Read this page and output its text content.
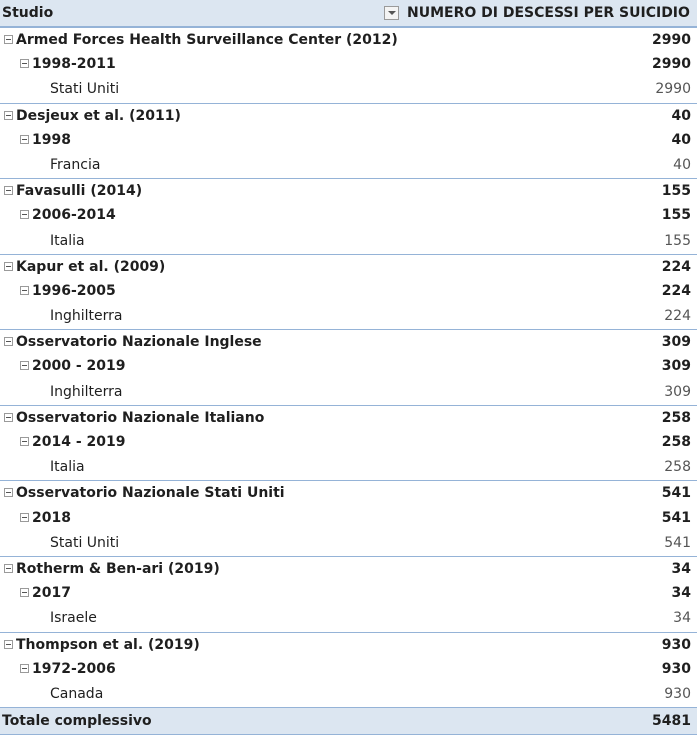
Studio	NUMERO DI DESCESSI PER SUICIDIO
Armed Forces Health Surveillance Center (2012)	2990
1998-2011	2990
Stati Uniti	2990
Desjeux et al. (2011)	40
1998	40
Francia	40
Favasulli (2014)	155
2006-2014	155
Italia	155
Kapur et al. (2009)	224
1996-2005	224
Inghilterra	224
Osservatorio Nazionale Inglese	309
2000 - 2019	309
Inghilterra	309
Osservatorio Nazionale Italiano	258
2014 - 2019	258
Italia	258
Osservatorio Nazionale Stati Uniti	541
2018	541
Stati Uniti	541
Rotherm & Ben-ari (2019)	34
2017	34
Israele	34
Thompson et al. (2019)	930
1972-2006	930
Canada	930
Totale complessivo	5481
